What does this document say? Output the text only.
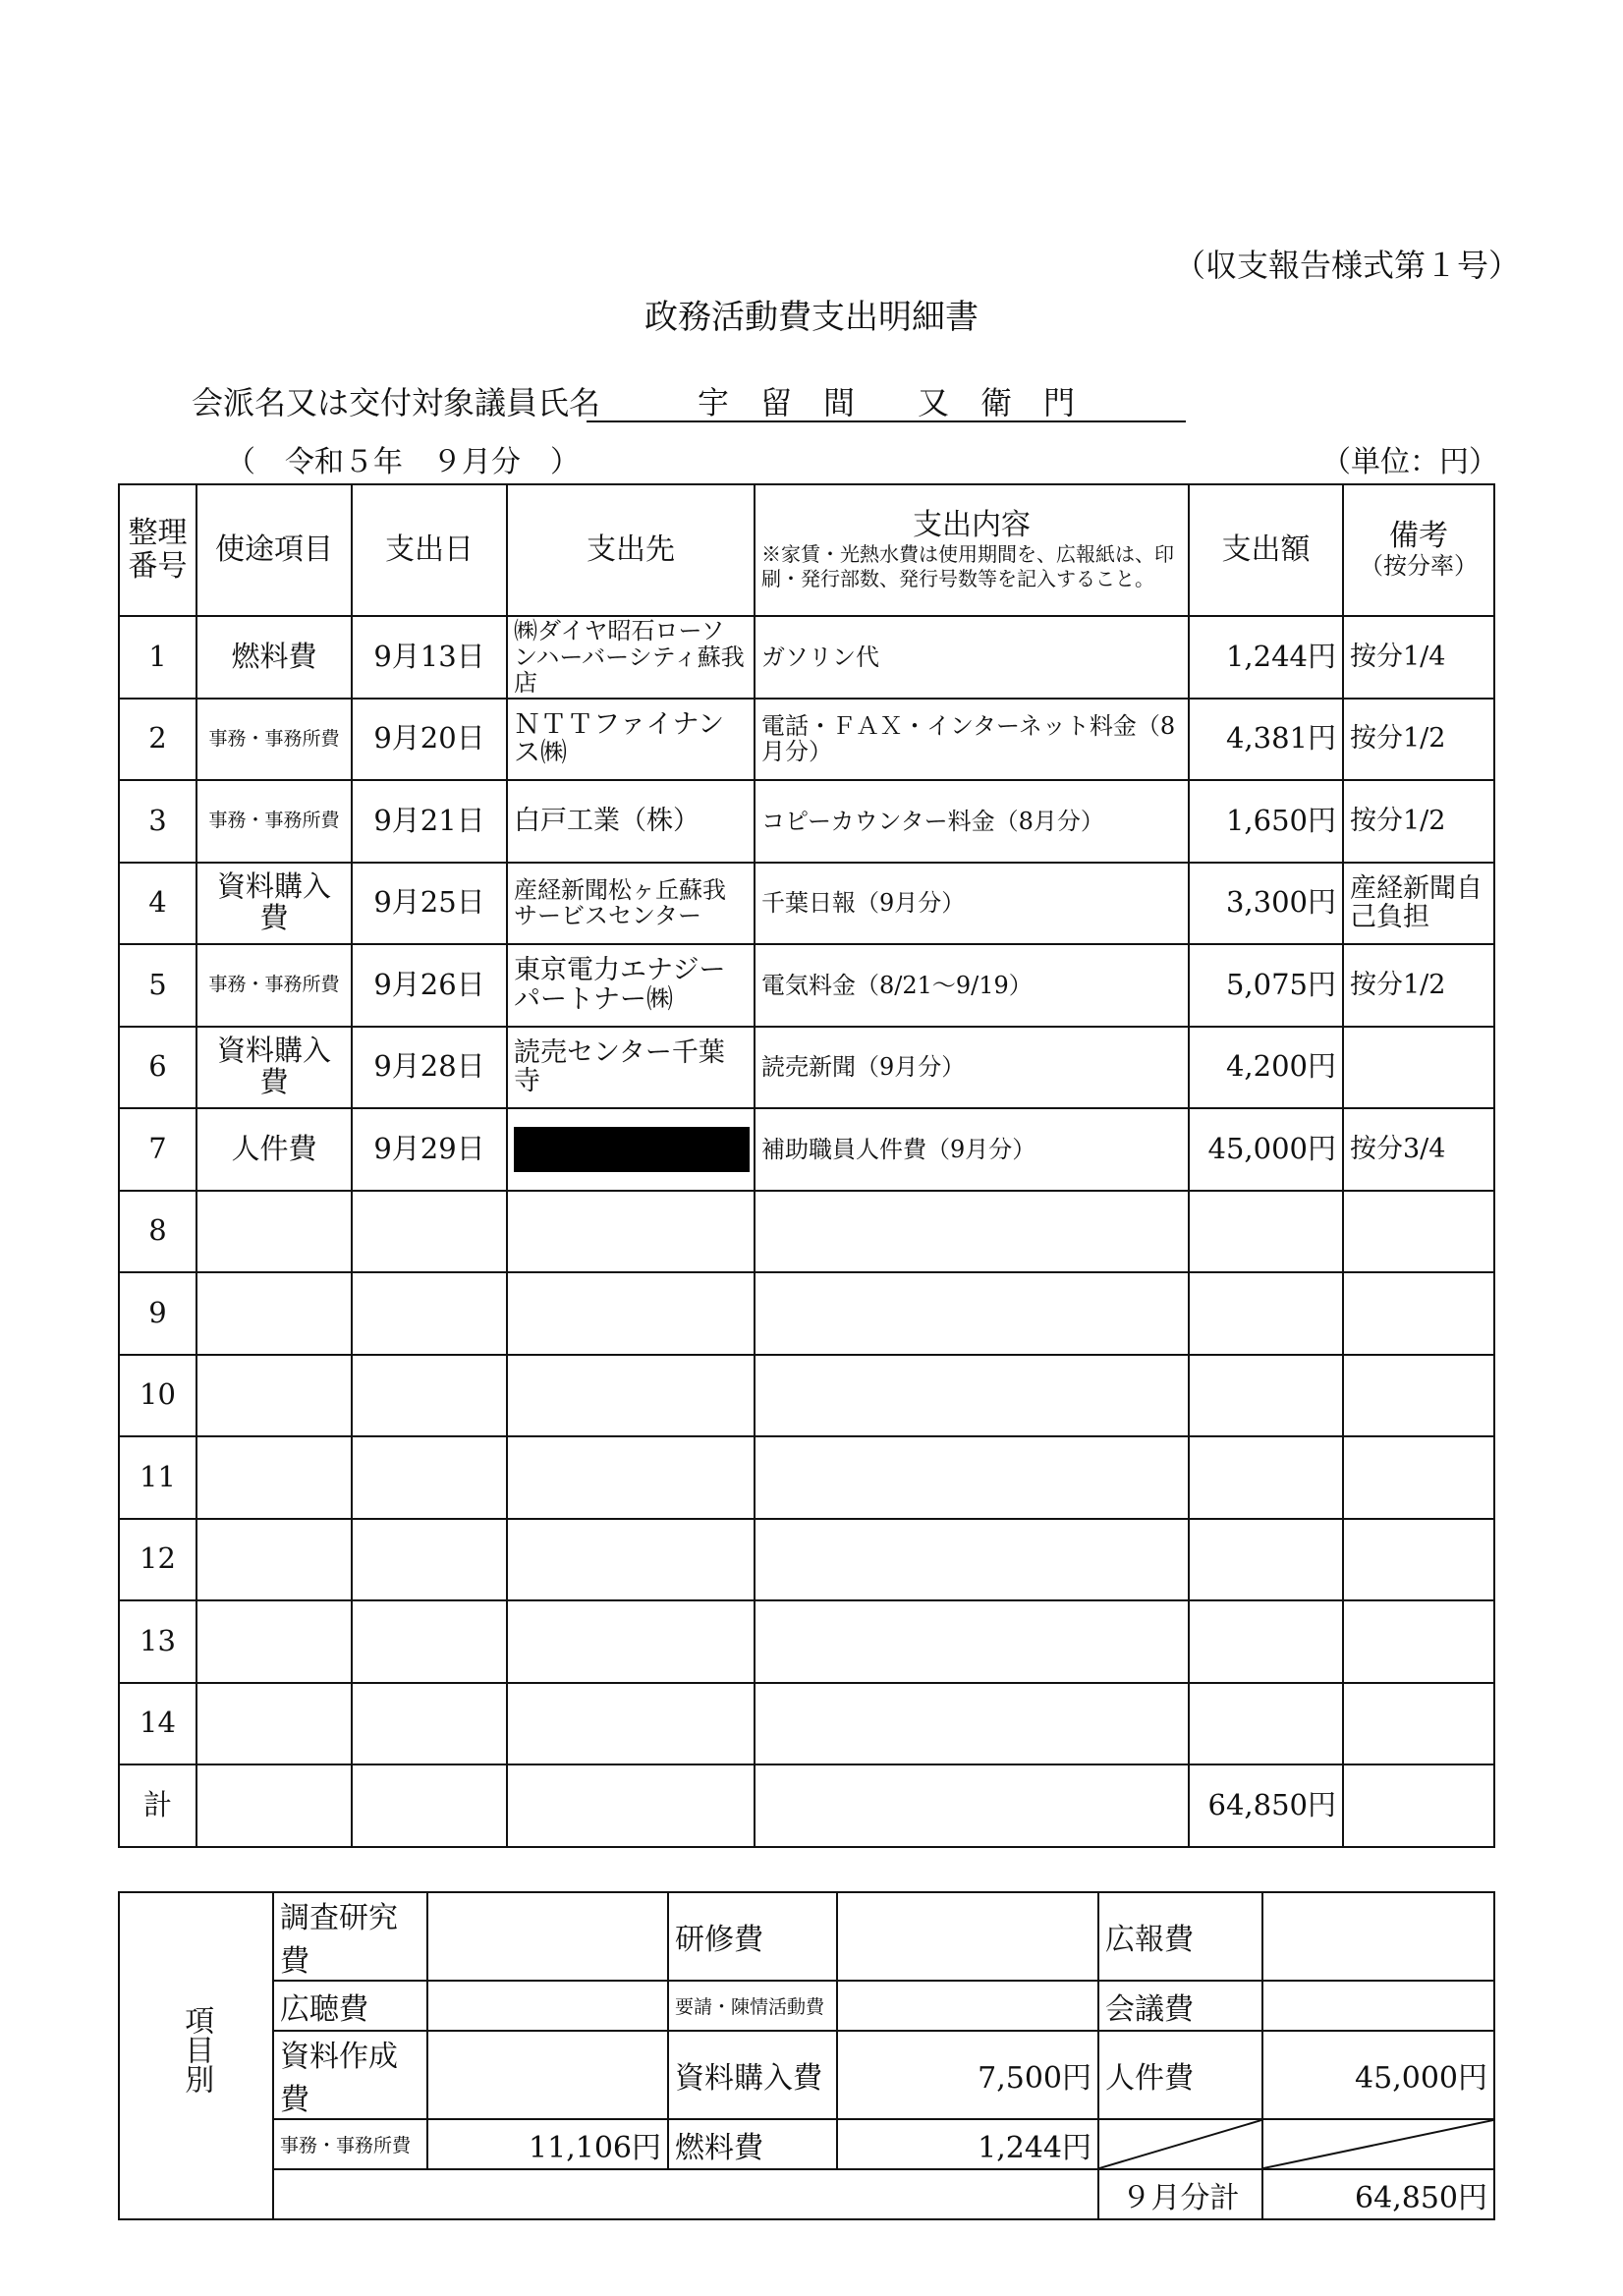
（収支報告様式第１号）
政務活動費支出明細書
会派名又は交付対象議員氏名	宇　留　間　　又　衛　門
（　令和５年　９月分　）	（単位：円）
整理番号	使途項目	支出日	支出先	支出内容
※家賃・光熱水費は使用期間を、広報紙は、印刷・発行部数、発行号数等を記入すること。	支出額	備考
（按分率）

1	燃料費	9月13日	㈱ダイヤ昭石ローソンハーバーシティ蘇我店	ガソリン代	1,244円	按分1/4
2	事務・事務所費	9月20日	ＮＴＴファイナンス㈱	電話・ＦＡＸ・インターネット料金（8月分）	4,381円	按分1/2
3	事務・事務所費	9月21日	白戸工業（株）	コピーカウンター料金（8月分）	1,650円	按分1/2
4	資料購入費	9月25日	産経新聞松ヶ丘蘇我サービスセンター	千葉日報（9月分）	3,300円	産経新聞自己負担
5	事務・事務所費	9月26日	東京電力エナジーパートナー㈱	電気料金（8/21～9/19）	5,075円	按分1/2
6	資料購入費	9月28日	読売センター千葉寺	読売新聞（9月分）	4,200円	
7	人件費	9月29日		補助職員人件費（9月分）	45,000円	按分3/4
8						
9						
10						
11						
12						
13						
14						
計					64,850円	
項目別	調査研究費		研修費		広報費	
	広聴費		要請・陳情活動費		会議費	
	資料作成費		資料購入費	7,500円	人件費	45,000円
	事務・事務所費	11,106円	燃料費	1,244円	

					９月分計	64,850円
